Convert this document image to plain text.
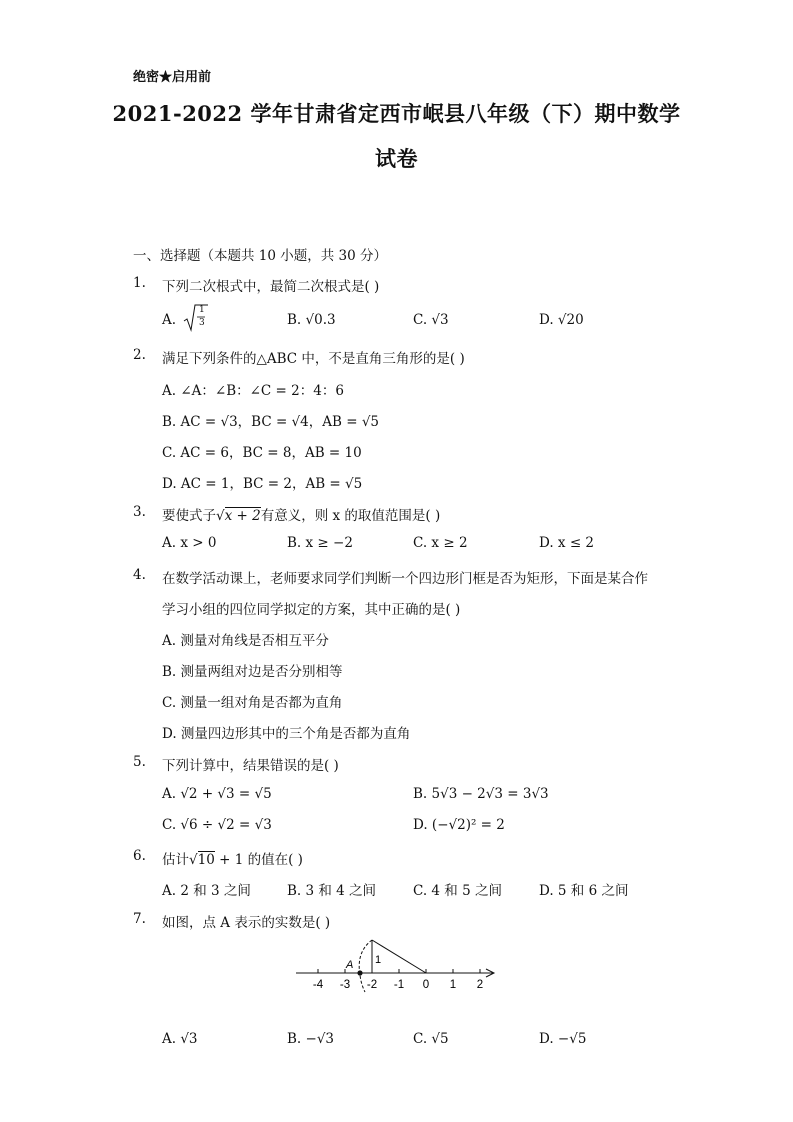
绝密★启用前
2021-2022 学年甘肃省定西市岷县八年级（下）期中数学
试卷
一、选择题（本题共 10 小题，共 30 分）
1. 下列二次根式中，最简二次根式是( )
A.
1
3	B. √0.3	C. √3	D. √20
2. 满足下列条件的△ABC 中，不是直角三角形的是( )
A. ∠A：∠B：∠C = 2：4：6
B. AC = √3，BC = √4，AB = √5
C. AC = 6，BC = 8，AB = 10
D. AC = 1，BC = 2，AB = √5
3. 要使式子√x + 2有意义，则 x 的取值范围是( )
A. x > 0	B. x ≥ −2	C. x ≥ 2	D. x ≤ 2
4. 在数学活动课上，老师要求同学们判断一个四边形门框是否为矩形，下面是某合作
学习小组的四位同学拟定的方案，其中正确的是( )
A. 测量对角线是否相互平分
B. 测量两组对边是否分别相等
C. 测量一组对角是否都为直角
D. 测量四边形其中的三个角是否都为直角
5. 下列计算中，结果错误的是( )
A. √2 + √3 = √5	B. 5√3 − 2√3 = 3√3
C. √6 ÷ √2 = √3	D. (−√2)² = 2
6. 估计√10 + 1 的值在( )
A. 2 和 3 之间	B. 3 和 4 之间	C. 4 和 5 之间	D. 5 和 6 之间
7. 如图，点 A 表示的实数是( )
-4 -3 -2 -1 0 1 2
A 1
A. √3	B. −√3	C. √5	D. −√5
